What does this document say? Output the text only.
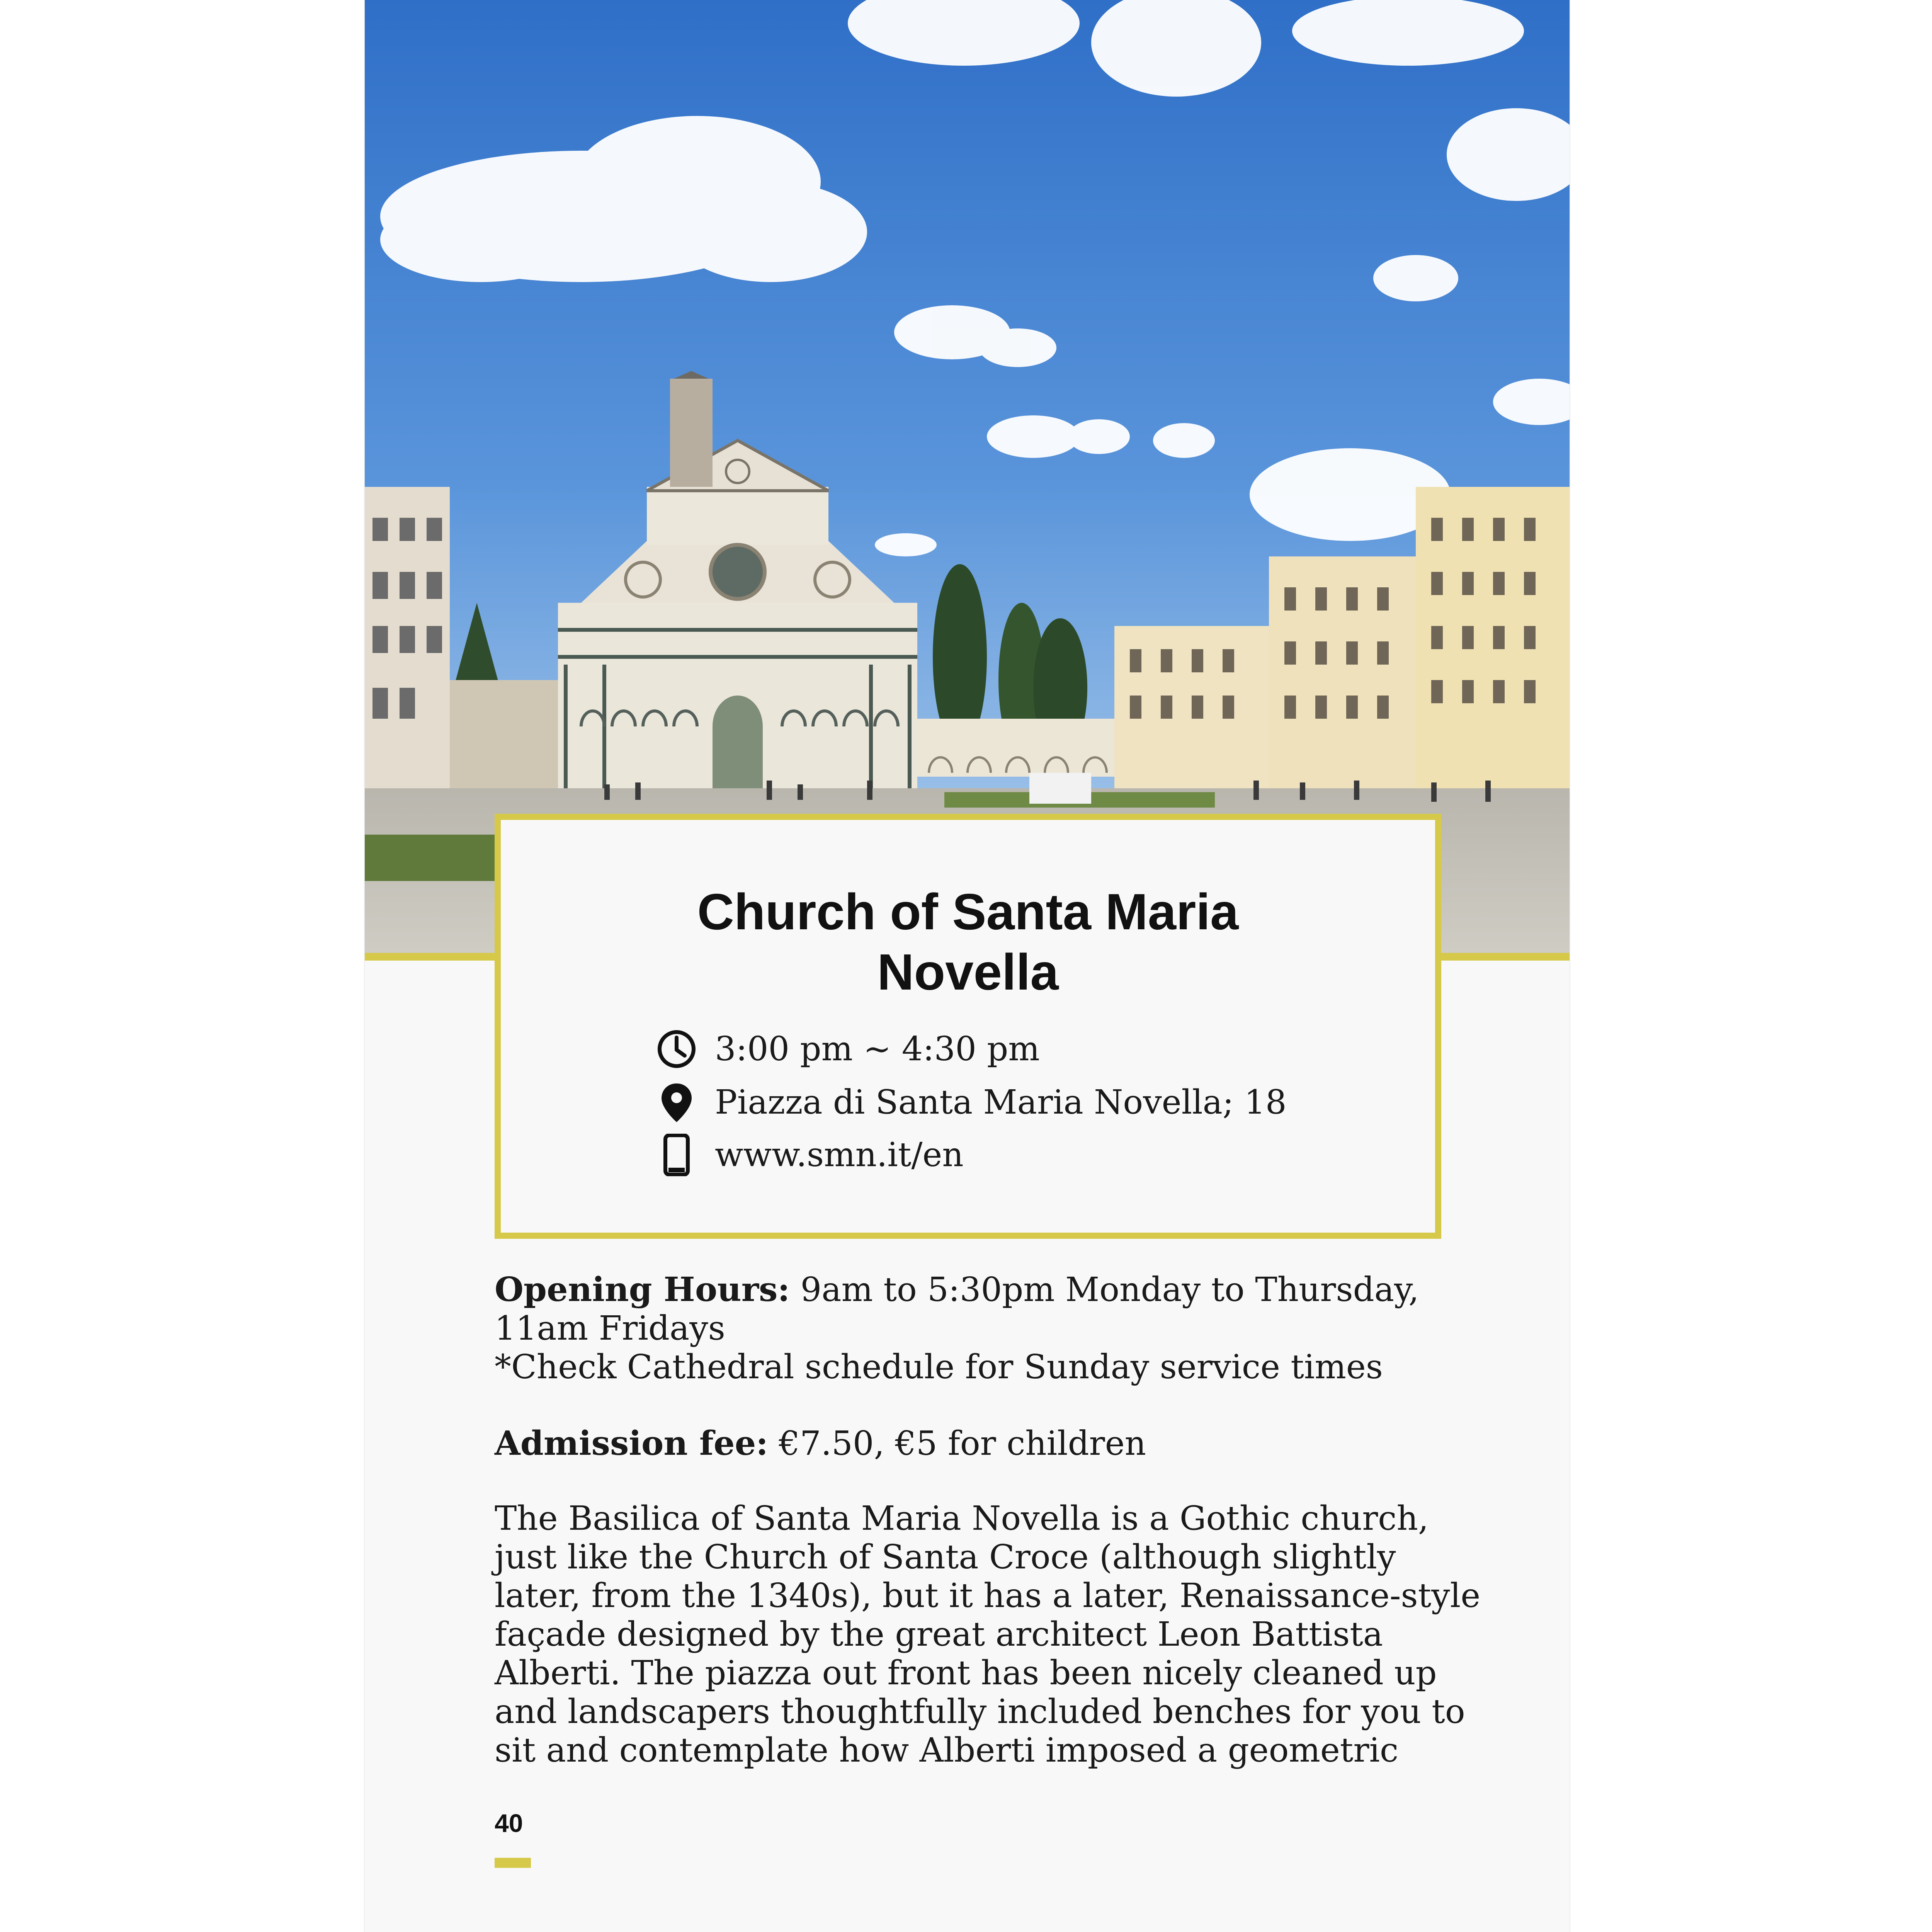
Church of Santa Maria
Novella
3:00 pm ~ 4:30 pm
Piazza di Santa Maria Novella; 18
www.smn.it/en

Opening Hours: 9am to 5:30pm Monday to Thursday,
11am Fridays
*Check Cathedral schedule for Sunday service times

Admission fee: €7.50, €5 for children

The Basilica of Santa Maria Novella is a Gothic church,
just like the Church of Santa Croce (although slightly
later, from the 1340s), but it has a later, Renaissance-style
façade designed by the great architect Leon Battista
Alberti. The piazza out front has been nicely cleaned up
and landscapers thoughtfully included benches for you to
sit and contemplate how Alberti imposed a geometric

40
